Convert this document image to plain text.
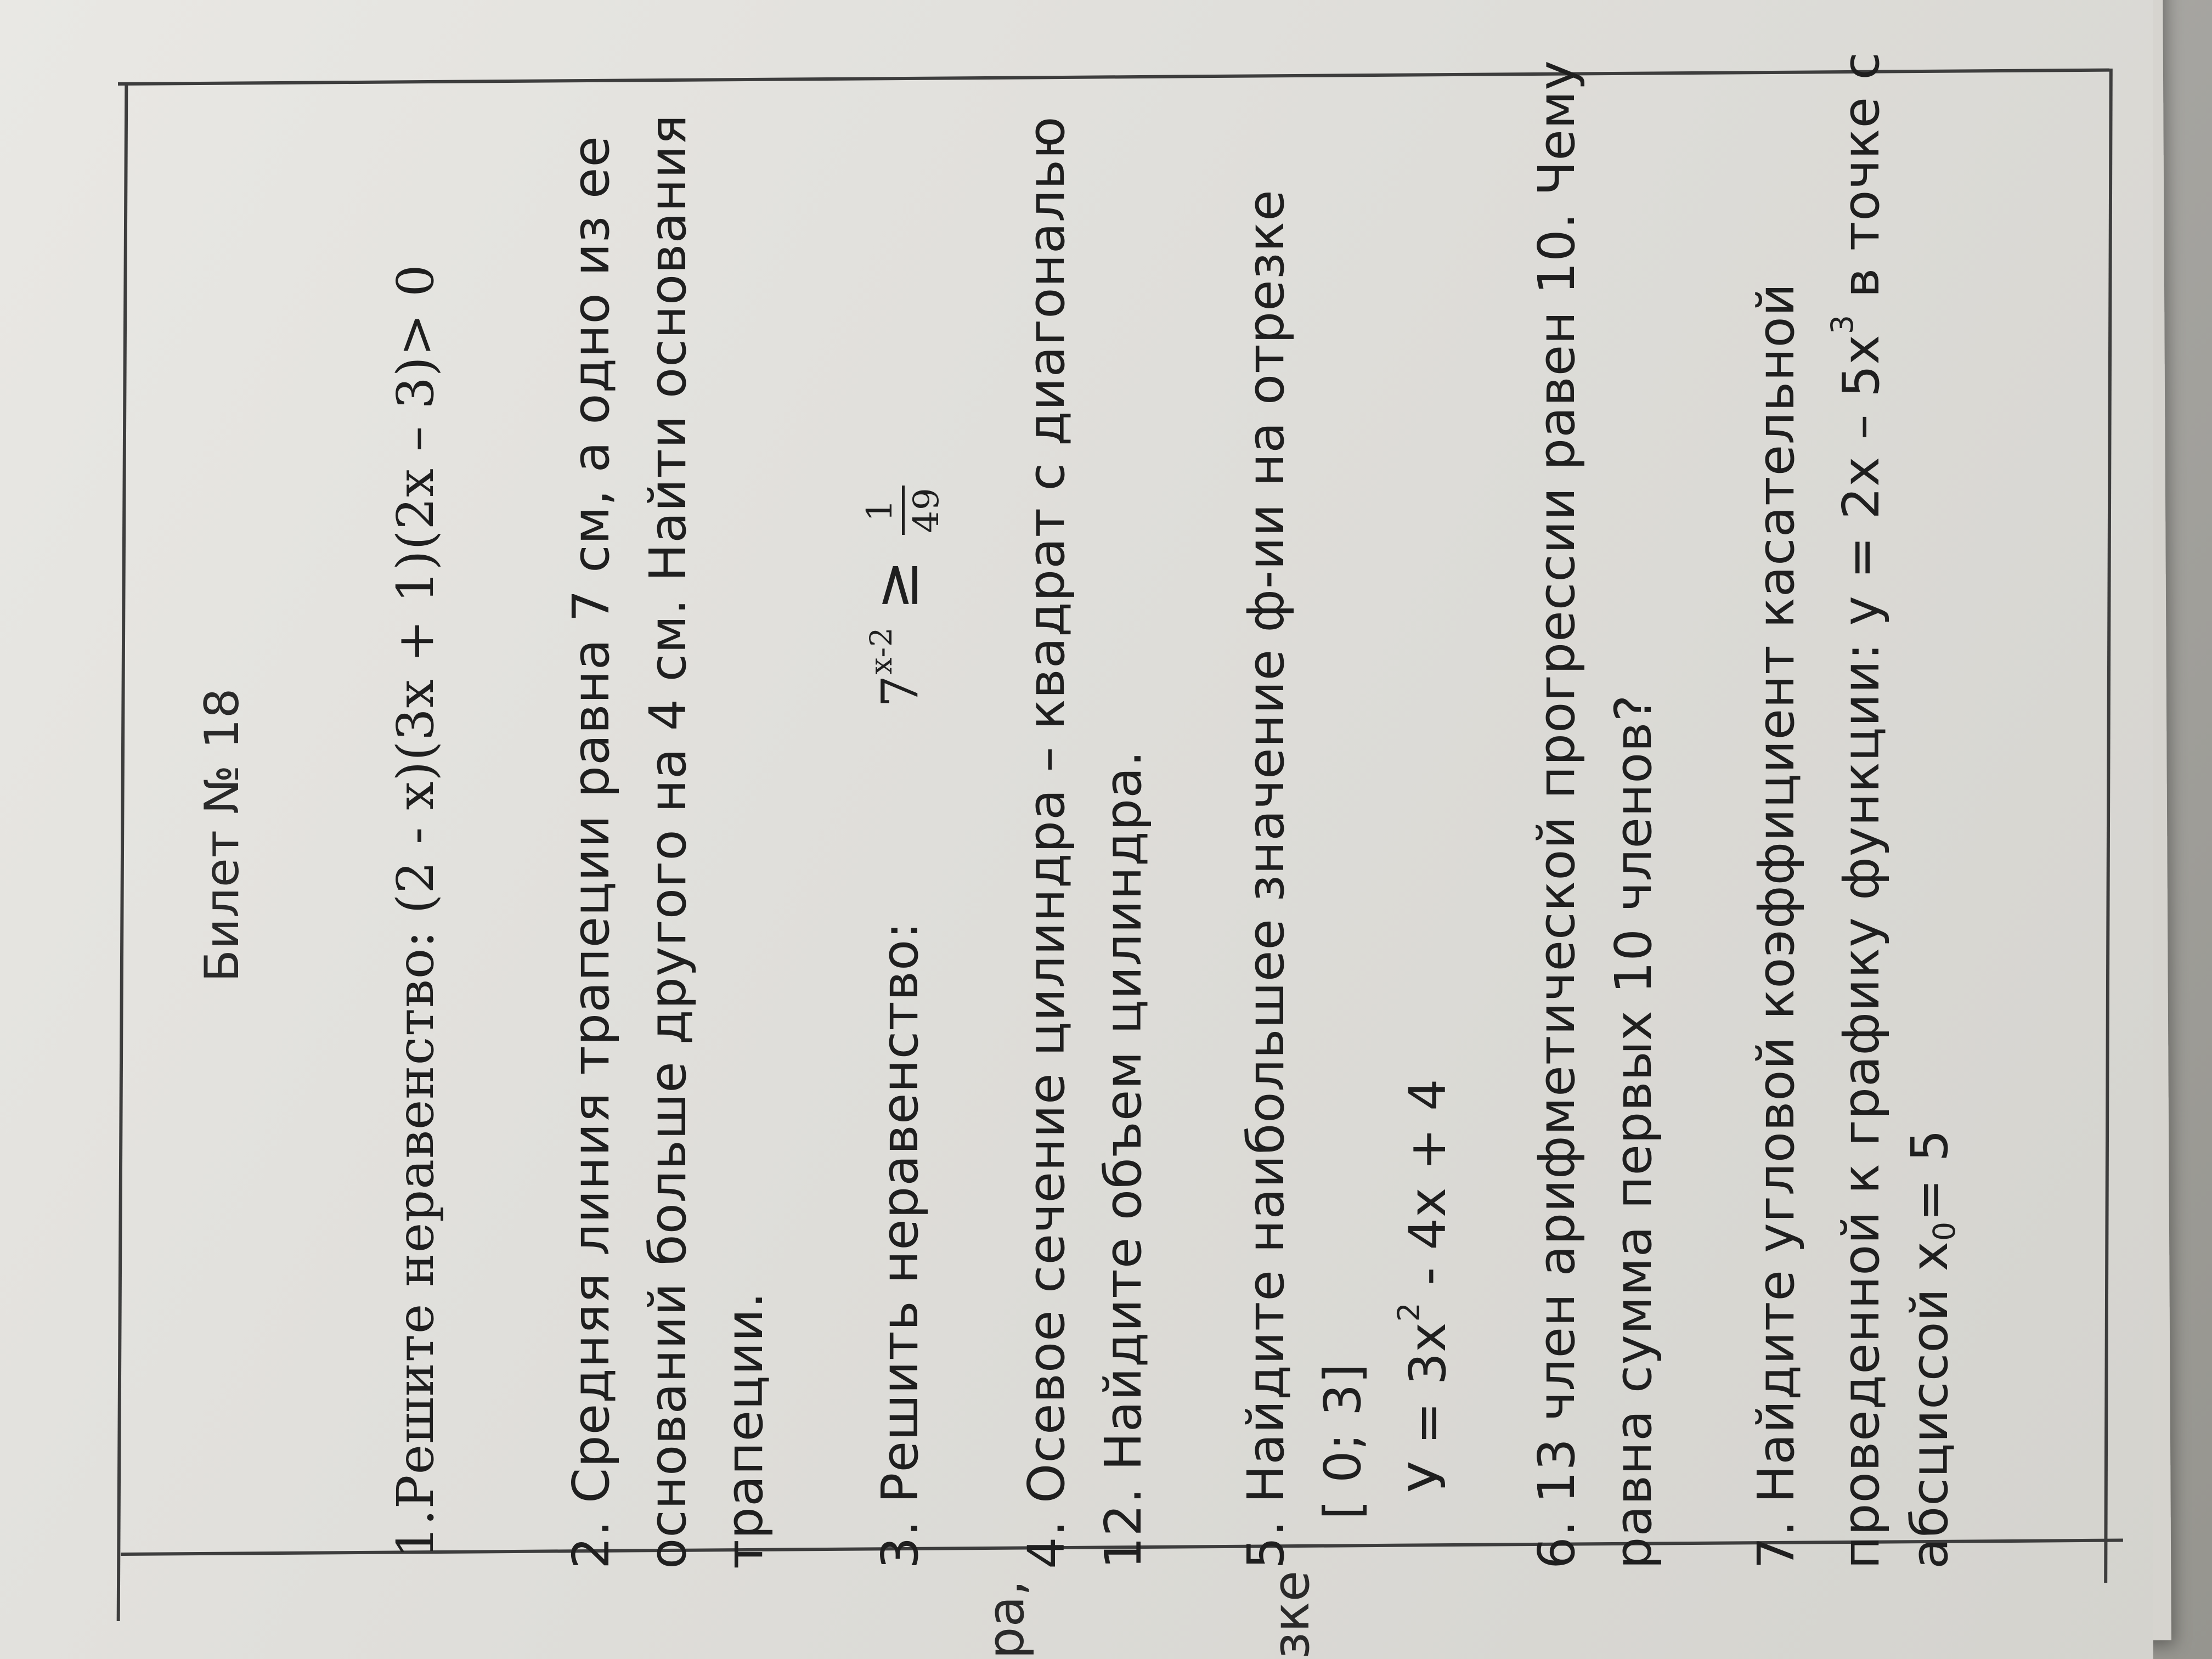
Билет № 18	1.Решите неравенство: (2 - x)(3x + 1)(2x – 3)> 0 2. Средняя линия трапеции равна 7 см, а одно из ее оснований больше другого на 4 см. Найти основания трапеции. 3. Решить неравенство:  $7^{x-2}$ ≥
1 49 4. Осевое сечение цилиндра – квадрат с диагональю 12. Найдите объем цилиндра. 5. Найдите наибольшее значение ф-ии на отрезке [ 0; 3] $У = 3x^2 - 4x + 4$ 6. 13 член арифметической прогрессии равен 10. Чему равна сумма первых 10 членов? 7. Найдите угловой коэффициент касательной проведенной к графику функции: $у = 2x - 5x^3$ в точке с
абсциссой $x_0= 5$
ра,	зке
